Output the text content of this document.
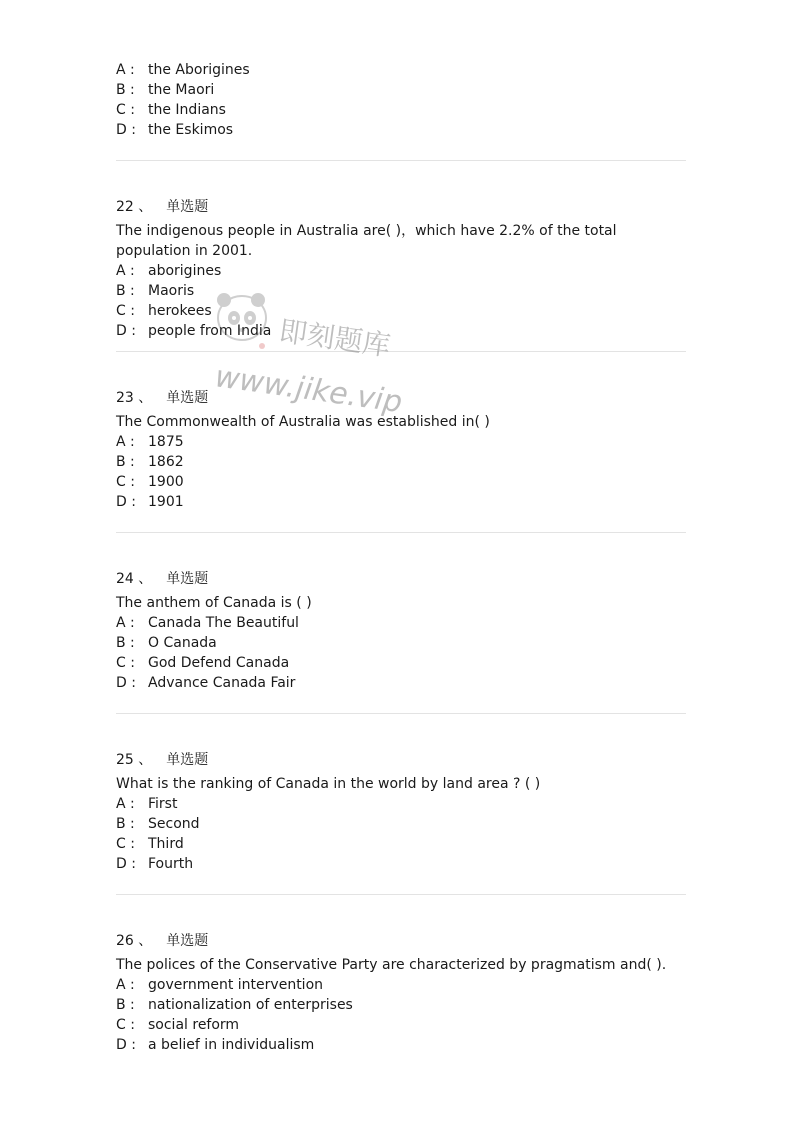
A : the Aborigines
B : the Maori
C : the Indians
D : the Eskimos
22 、 单选题
The indigenous people in Australia are( )，which have 2.2% of the total population in 2001.
A : aborigines
B : Maoris
C : herokees
D : people from India
23 、 单选题
The Commonwealth of Australia was established in( )
A : 1875
B : 1862
C : 1900
D : 1901
24 、 单选题
The anthem of Canada is ( )
A : Canada The Beautiful
B : O Canada
C : God Defend Canada
D : Advance Canada Fair
25 、 单选题
What is the ranking of Canada in the world by land area ? ( )
A : First
B : Second
C : Third
D : Fourth
26 、 单选题
The polices of the Conservative Party are characterized by pragmatism and( ).
A : government intervention
B : nationalization of enterprises
C : social reform
D : a belief in individualism
即刻题库
www.jike.vip
